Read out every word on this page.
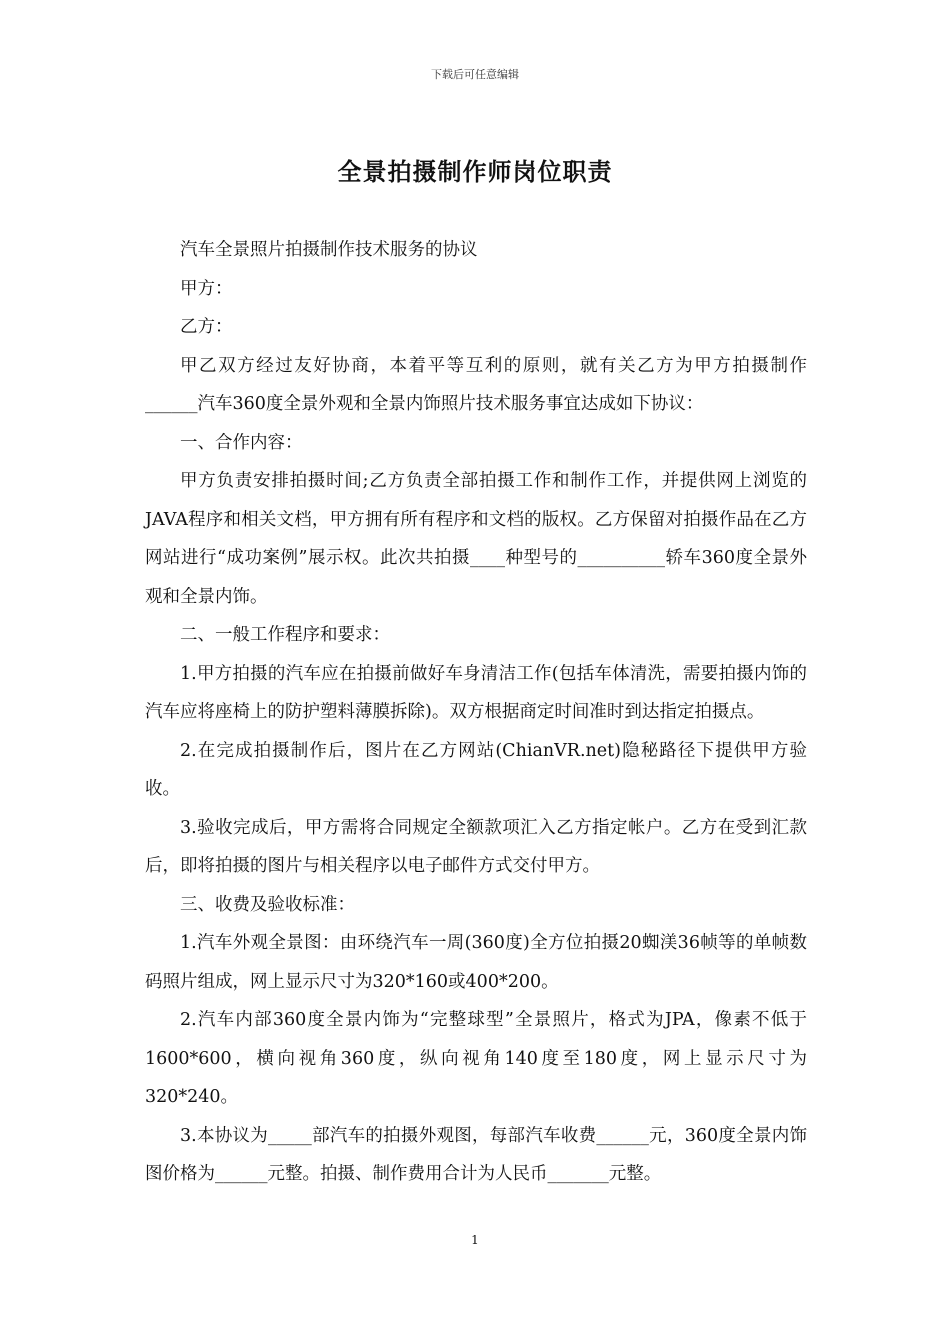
下载后可任意编辑
全景拍摄制作师岗位职责

汽车全景照片拍摄制作技术服务的协议

甲方：

乙方：

甲乙双方经过友好协商，本着平等互利的原则，就有关乙方为甲方拍摄制作______汽车360度全景外观和全景内饰照片技术服务事宜达成如下协议：

一、合作内容：

甲方负责安排拍摄时间;乙方负责全部拍摄工作和制作工作，并提供网上浏览的JAVA程序和相关文档，甲方拥有所有程序和文档的版权。乙方保留对拍摄作品在乙方网站进行“成功案例”展示权。此次共拍摄____种型号的__________轿车360度全景外观和全景内饰。

二、一般工作程序和要求：

1.甲方拍摄的汽车应在拍摄前做好车身清洁工作(包括车体清洗，需要拍摄内饰的汽车应将座椅上的防护塑料薄膜拆除)。双方根据商定时间准时到达指定拍摄点。

2.在完成拍摄制作后，图片在乙方网站(ChianVR.net)隐秘路径下提供甲方验收。

3.验收完成后，甲方需将合同规定全额款项汇入乙方指定帐户。乙方在受到汇款后，即将拍摄的图片与相关程序以电子邮件方式交付甲方。

三、收费及验收标准：

1.汽车外观全景图：由环绕汽车一周(360度)全方位拍摄20蜘渼36帧等的单帧数码照片组成，网上显示尺寸为320*160或400*200。

2.汽车内部360度全景内饰为“完整球型”全景照片，格式为JPA，像素不低于1600*600，横向视角360度，纵向视角140度至180度，网上显示尺寸为320*240。

3.本协议为_____部汽车的拍摄外观图，每部汽车收费______元，360度全景内饰图价格为______元整。拍摄、制作费用合计为人民币_______元整。

1
